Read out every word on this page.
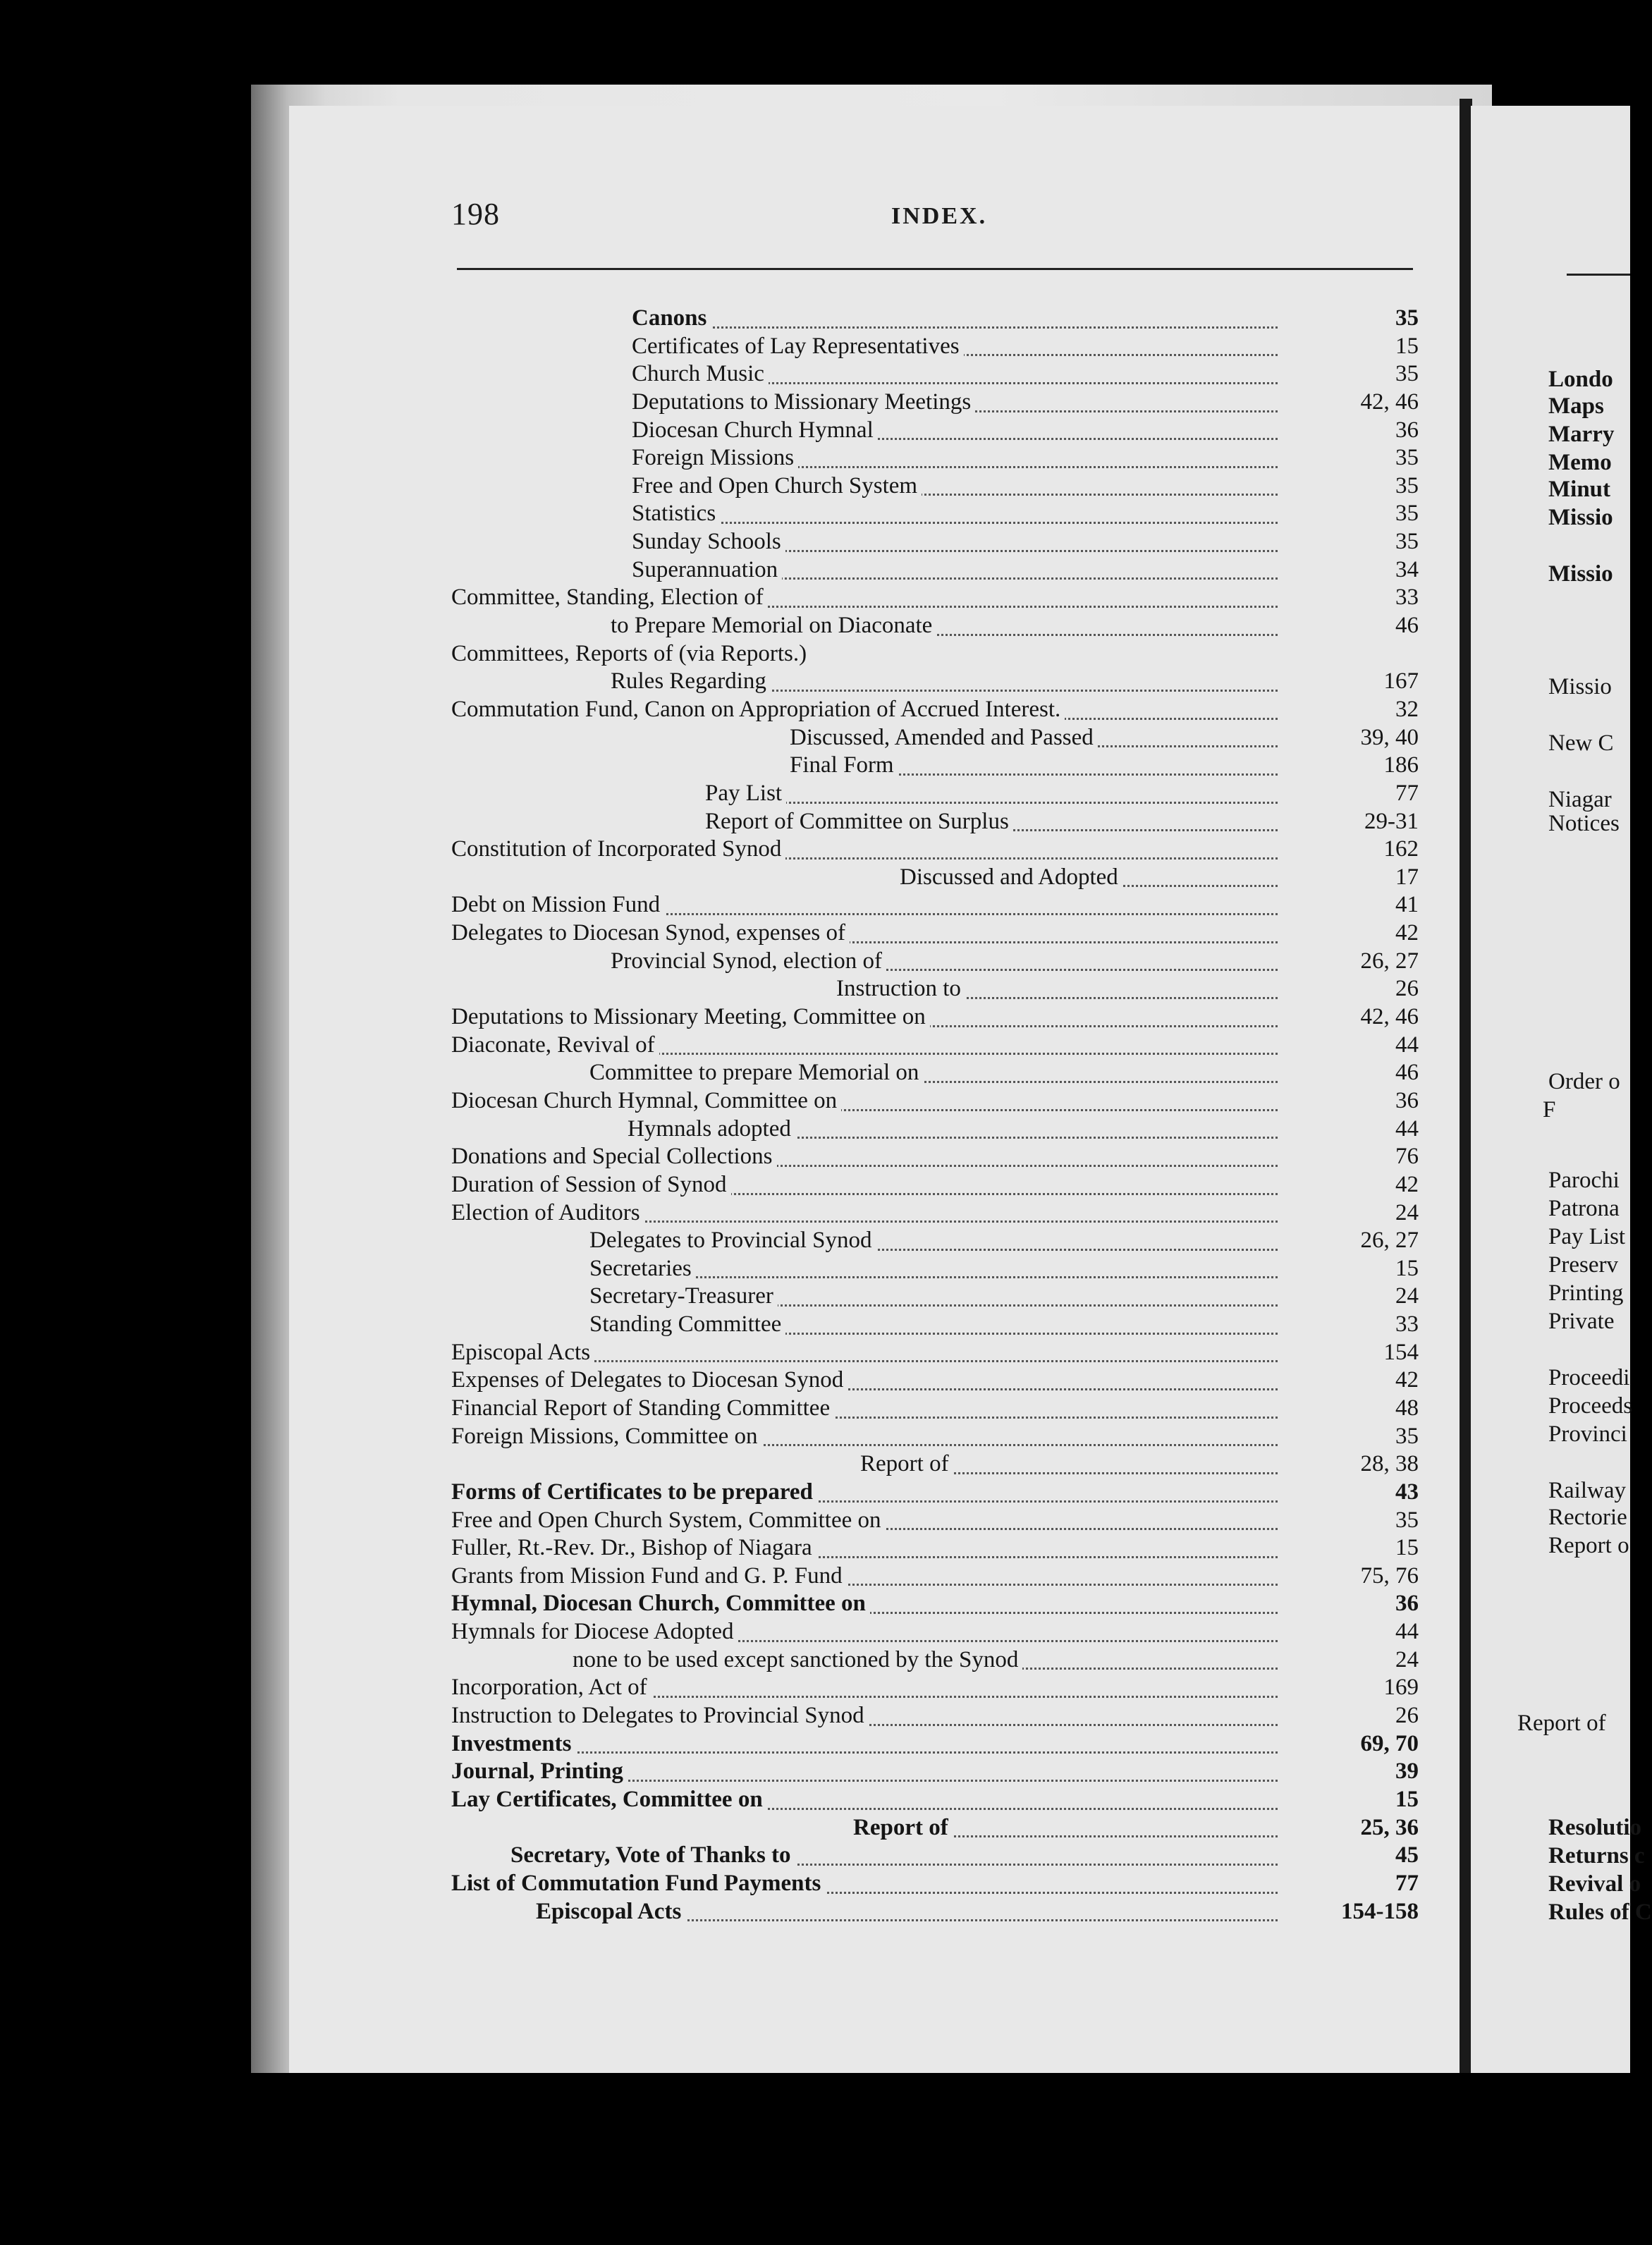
198	INDEX.
Canons	35
Certificates of Lay Representatives	15
Church Music	35
Deputations to Missionary Meetings	42, 46
Diocesan Church Hymnal	36
Foreign Missions	35
Free and Open Church System	35
Statistics	35
Sunday Schools	35
Superannuation	34
Committee, Standing, Election of	33
to Prepare Memorial on Diaconate	46
Committees, Reports of (via Reports.)
Rules Regarding	167
Commutation Fund, Canon on Appropriation of Accrued Interest.	32
Discussed, Amended and Passed	39, 40
Final Form	186
Pay List	77
Report of Committee on Surplus	29-31
Constitution of Incorporated Synod	162
Discussed and Adopted	17
Debt on Mission Fund	41
Delegates to Diocesan Synod, expenses of	42
Provincial Synod, election of	26, 27
Instruction to	26
Deputations to Missionary Meeting, Committee on	42, 46
Diaconate, Revival of	44
Committee to prepare Memorial on	46
Diocesan Church Hymnal, Committee on	36
Hymnals adopted	44
Donations and Special Collections	76
Duration of Session of Synod	42
Election of Auditors	24
Delegates to Provincial Synod	26, 27
Secretaries	15
Secretary-Treasurer	24
Standing Committee	33
Episcopal Acts	154
Expenses of Delegates to Diocesan Synod	42
Financial Report of Standing Committee	48
Foreign Missions, Committee on	35
Report of	28, 38
Forms of Certificates to be prepared	43
Free and Open Church System, Committee on	35
Fuller, Rt.-Rev. Dr., Bishop of Niagara	15
Grants from Mission Fund and G. P. Fund	75, 76
Hymnal, Diocesan Church, Committee on	36
Hymnals for Diocese Adopted	44
none to be used except sanctioned by the Synod	24
Incorporation, Act of	169
Instruction to Delegates to Provincial Synod	26
Investments	69, 70
Journal, Printing	39
Lay Certificates, Committee on	15
Report of	25, 36
Secretary, Vote of Thanks to	45
List of Commutation Fund Payments	77
Episcopal Acts	154-158
Londo
Maps
Marry
Memo
Minut
Missio
Missio
Missio
New C
Niagar
Notices
Order o
F
Parochi
Patrona
Pay List
Preserv
Printing
Private
Proceedi
Proceeds
Provinci
Railway
Rectorie
Report o
Report of
Resolutio
Returns c
Revival o
Rules of C
